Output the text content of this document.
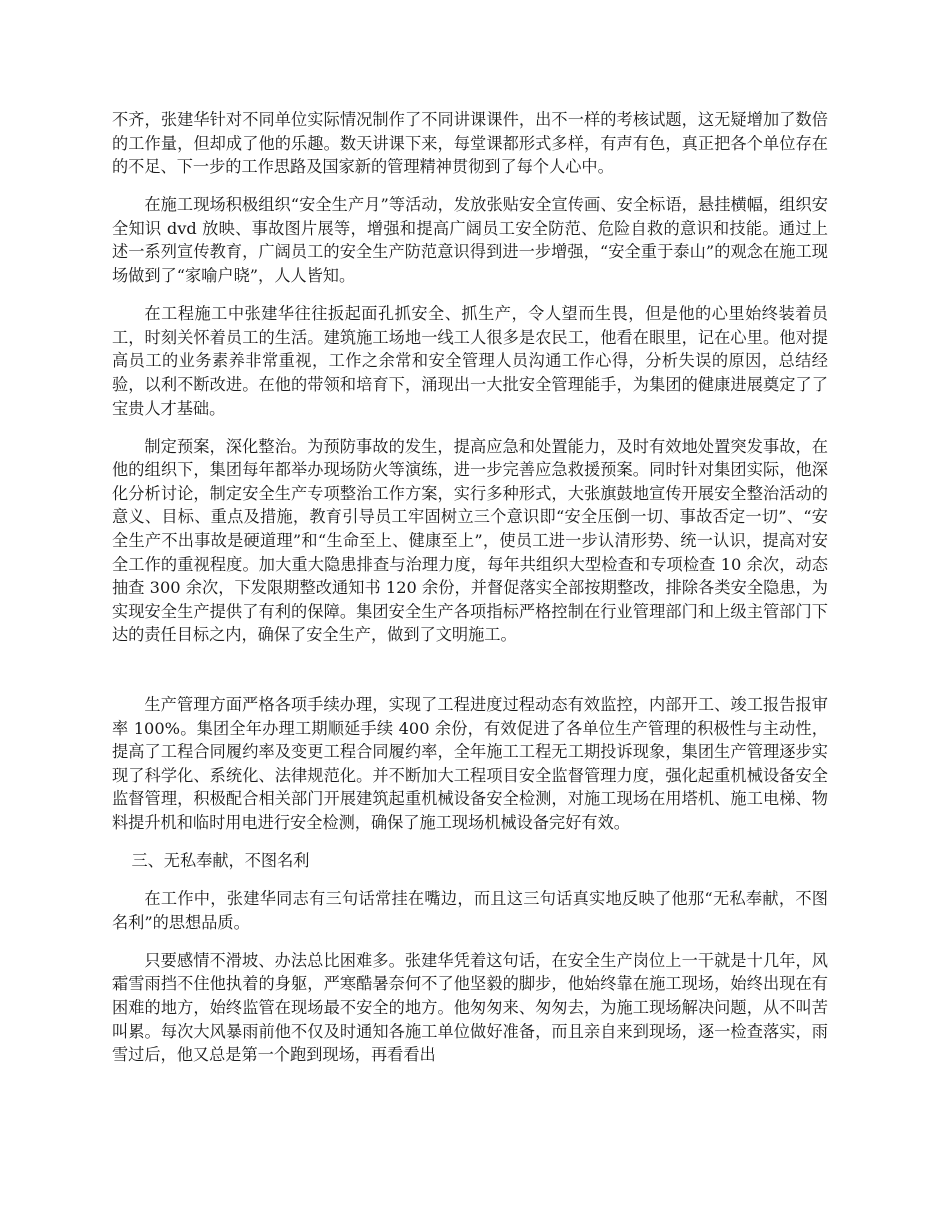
不齐，张建华针对不同单位实际情况制作了不同讲课课件，出不一样的考核试题，这无疑增加了数倍的工作量，但却成了他的乐趣。数天讲课下来，每堂课都形式多样，有声有色，真正把各个单位存在的不足、下一步的工作思路及国家新的管理精神贯彻到了每个人心中。

在施工现场积极组织“安全生产月”等活动，发放张贴安全宣传画、安全标语，悬挂横幅，组织安全知识 dvd 放映、事故图片展等，增强和提高广阔员工安全防范、危险自救的意识和技能。通过上述一系列宣传教育，广阔员工的安全生产防范意识得到进一步增强，“安全重于泰山”的观念在施工现场做到了“家喻户晓”，人人皆知。

在工程施工中张建华往往扳起面孔抓安全、抓生产，令人望而生畏，但是他的心里始终装着员工，时刻关怀着员工的生活。建筑施工场地一线工人很多是农民工，他看在眼里，记在心里。他对提高员工的业务素养非常重视，工作之余常和安全管理人员沟通工作心得，分析失误的原因，总结经验，以利不断改进。在他的带领和培育下，涌现出一大批安全管理能手，为集团的健康进展奠定了了宝贵人才基础。

制定预案，深化整治。为预防事故的发生，提高应急和处置能力，及时有效地处置突发事故，在他的组织下，集团每年都举办现场防火等演练，进一步完善应急救援预案。同时针对集团实际，他深化分析讨论，制定安全生产专项整治工作方案，实行多种形式，大张旗鼓地宣传开展安全整治活动的意义、目标、重点及措施，教育引导员工牢固树立三个意识即“安全压倒一切、事故否定一切”、“安全生产不出事故是硬道理”和“生命至上、健康至上”，使员工进一步认清形势、统一认识，提高对安全工作的重视程度。加大重大隐患排查与治理力度，每年共组织大型检查和专项检查 10 余次，动态抽查 300 余次，下发限期整改通知书 120 余份，并督促落实全部按期整改，排除各类安全隐患，为实现安全生产提供了有利的保障。集团安全生产各项指标严格控制在行业管理部门和上级主管部门下达的责任目标之内，确保了安全生产，做到了文明施工。

生产管理方面严格各项手续办理，实现了工程进度过程动态有效监控，内部开工、竣工报告报审率 100%。集团全年办理工期顺延手续 400 余份，有效促进了各单位生产管理的积极性与主动性，提高了工程合同履约率及变更工程合同履约率，全年施工工程无工期投诉现象，集团生产管理逐步实现了科学化、系统化、法律规范化。并不断加大工程项目安全监督管理力度，强化起重机械设备安全监督管理，积极配合相关部门开展建筑起重机械设备安全检测，对施工现场在用塔机、施工电梯、物料提升机和临时用电进行安全检测，确保了施工现场机械设备完好有效。

三、无私奉献，不图名利

在工作中，张建华同志有三句话常挂在嘴边，而且这三句话真实地反映了他那“无私奉献，不图名利”的思想品质。

只要感情不滑坡、办法总比困难多。张建华凭着这句话，在安全生产岗位上一干就是十几年，风霜雪雨挡不住他执着的身躯，严寒酷暑奈何不了他坚毅的脚步，他始终靠在施工现场，始终出现在有困难的地方，始终监管在现场最不安全的地方。他匆匆来、匆匆去，为施工现场解决问题，从不叫苦叫累。每次大风暴雨前他不仅及时通知各施工单位做好准备，而且亲自来到现场，逐一检查落实，雨雪过后，他又总是第一个跑到现场，再看看出
